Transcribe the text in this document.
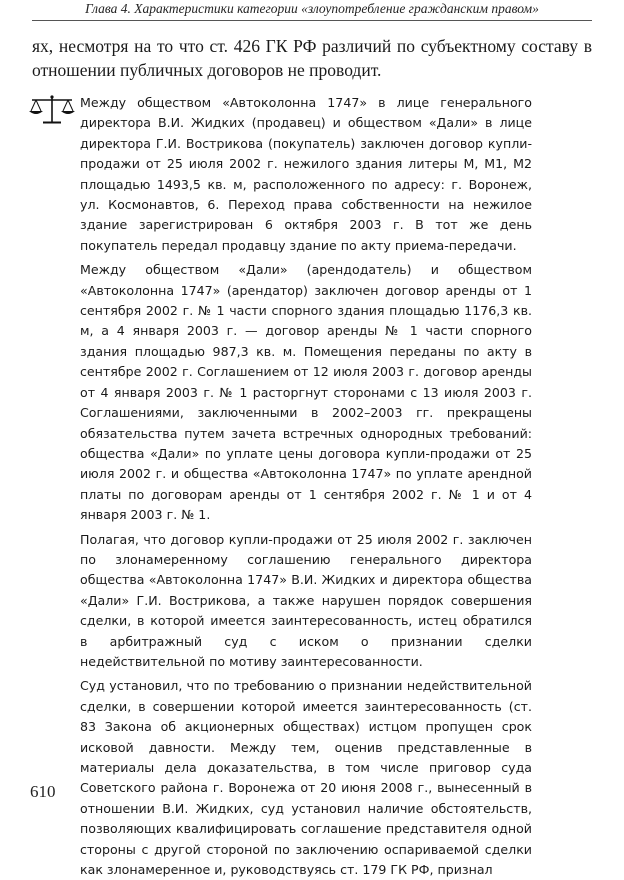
Глава 4. Характеристики категории «злоупотребление гражданским правом»

ях, несмотря на то что ст. 426 ГК РФ различий по субъектному составу в отношении публичных договоров не проводит.

Между обществом «Автоколонна 1747» в лице генерального директора В.И. Жидких (продавец) и обществом «Дали» в лице директора Г.И. Вострикова (покупатель) заключен договор купли-продажи от 25 июля 2002 г. нежилого здания литеры М, М1, М2 площадью 1493,5 кв. м, расположенного по адресу: г. Воронеж, ул. Космонавтов, 6. Переход права собственности на нежилое здание зарегистрирован 6 октября 2003 г. В тот же день покупатель передал продавцу здание по акту приема-передачи.

Между обществом «Дали» (арендодатель) и обществом «Автоколонна 1747» (арендатор) заключен договор аренды от 1 сентября 2002 г. № 1 части спорного здания площадью 1176,3 кв. м, а 4 января 2003 г. — договор аренды № 1 части спорного здания площадью 987,3 кв. м. Помещения переданы по акту в сентябре 2002 г. Соглашением от 12 июля 2003 г. договор аренды от 4 января 2003 г. № 1 расторгнут сторонами с 13 июля 2003 г. Соглашениями, заключенными в 2002–2003 гг. прекращены обязательства путем зачета встречных однородных требований: общества «Дали» по уплате цены договора купли-продажи от 25 июля 2002 г. и общества «Автоколонна 1747» по уплате арендной платы по договорам аренды от 1 сентября 2002 г. № 1 и от 4 января 2003 г. № 1.

Полагая, что договор купли-продажи от 25 июля 2002 г. заключен по злонамеренному соглашению генерального директора общества «Автоколонна 1747» В.И. Жидких и директора общества «Дали» Г.И. Вострикова, а также нарушен порядок совершения сделки, в которой имеется заинтересованность, истец обратился в арбитражный суд с иском о признании сделки недействительной по мотиву заинтересованности.

Суд установил, что по требованию о признании недействительной сделки, в совершении которой имеется заинтересованность (ст. 83 Закона об акционерных обществах) истцом пропущен срок исковой давности. Между тем, оценив представленные в материалы дела доказательства, в том числе приговор суда Советского района г. Воронежа от 20 июня 2008 г., вынесенный в отношении В.И. Жидких, суд установил наличие обстоятельств, позволяющих квалифицировать соглашение представителя одной стороны с другой стороной по заключению оспариваемой сделки как злонамеренное и, руководствуясь ст. 179 ГК РФ, признал

610
